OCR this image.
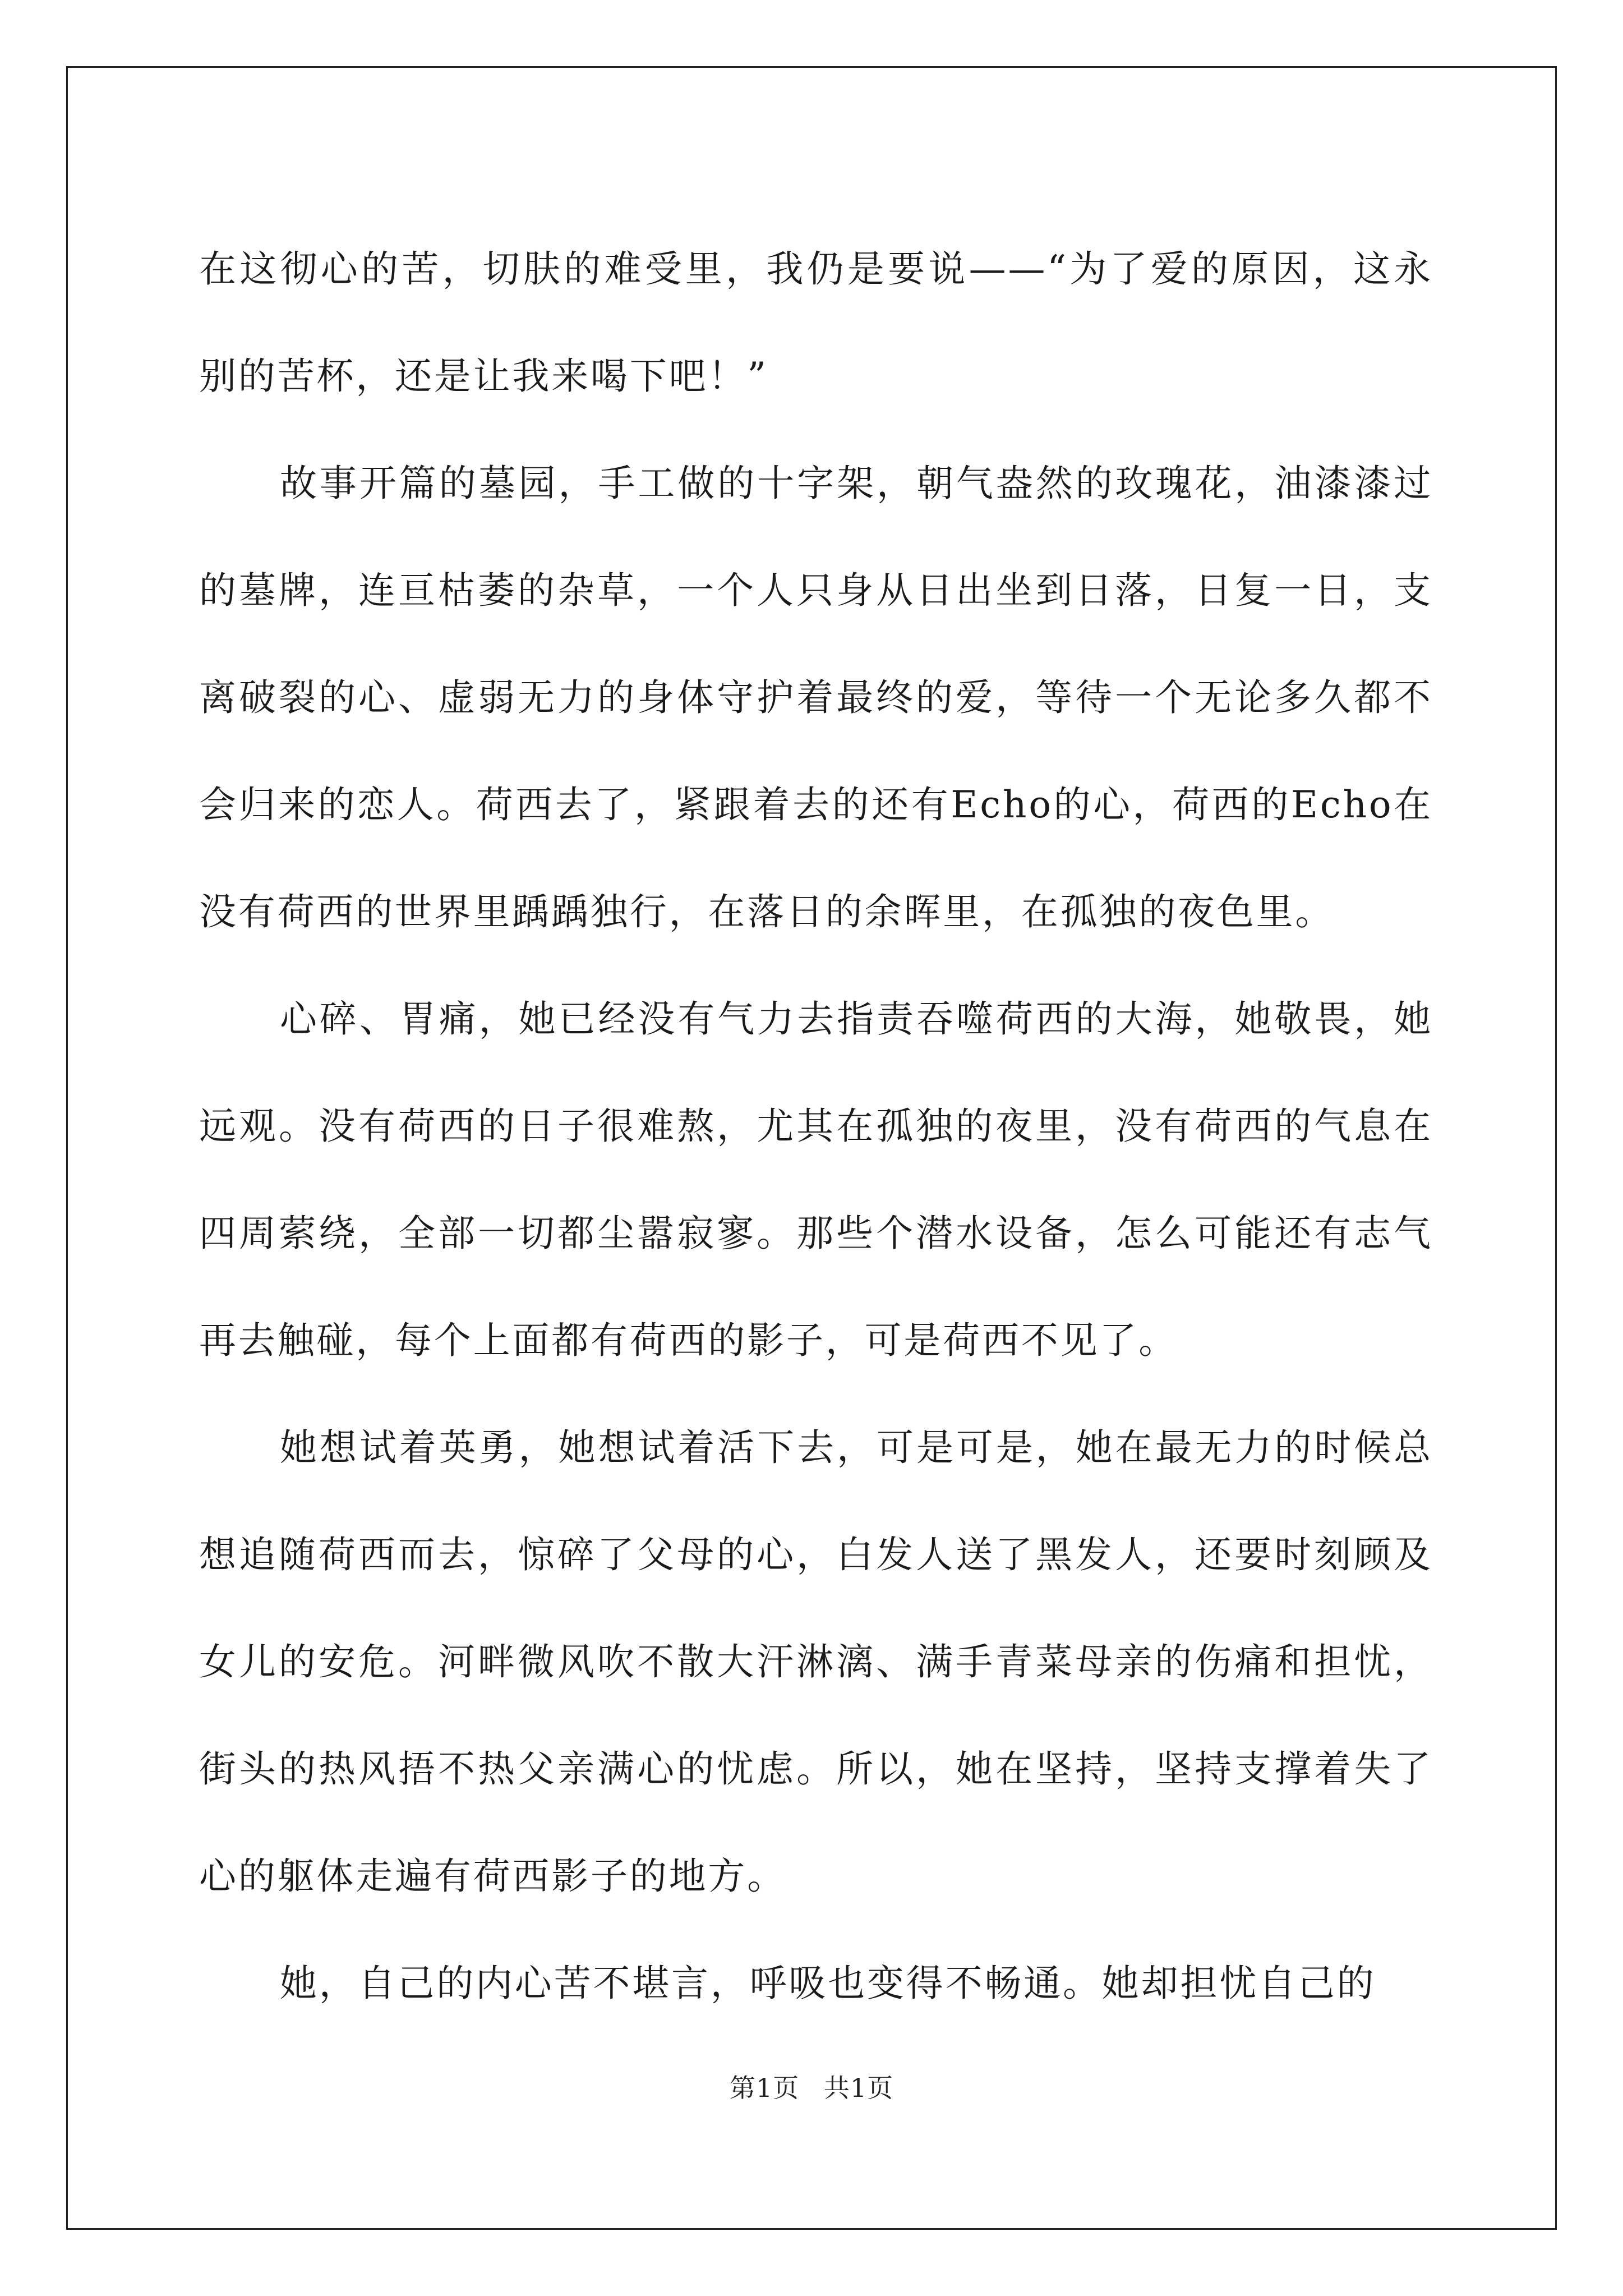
在这彻心的苦，切肤的难受里，我仍是要说——“为了爱的原因，这永别的苦杯，还是让我来喝下吧！”

故事开篇的墓园，手工做的十字架，朝气盎然的玫瑰花，油漆漆过的墓牌，连亘枯萎的杂草，一个人只身从日出坐到日落，日复一日，支离破裂的心、虚弱无力的身体守护着最终的爱，等待一个无论多久都不会归来的恋人。荷西去了，紧跟着去的还有Echo的心，荷西的Echo在没有荷西的世界里踽踽独行，在落日的余晖里，在孤独的夜色里。

心碎、胃痛，她已经没有气力去指责吞噬荷西的大海，她敬畏，她远观。没有荷西的日子很难熬，尤其在孤独的夜里，没有荷西的气息在四周萦绕，全部一切都尘嚣寂寥。那些个潜水设备，怎么可能还有志气再去触碰，每个上面都有荷西的影子，可是荷西不见了。

她想试着英勇，她想试着活下去，可是可是，她在最无力的时候总想追随荷西而去，惊碎了父母的心，白发人送了黑发人，还要时刻顾及女儿的安危。河畔微风吹不散大汗淋漓、满手青菜母亲的伤痛和担忧，街头的热风捂不热父亲满心的忧虑。所以，她在坚持，坚持支撑着失了心的躯体走遍有荷西影子的地方。

她，自己的内心苦不堪言，呼吸也变得不畅通。她却担忧自己的

第1页 共1页
